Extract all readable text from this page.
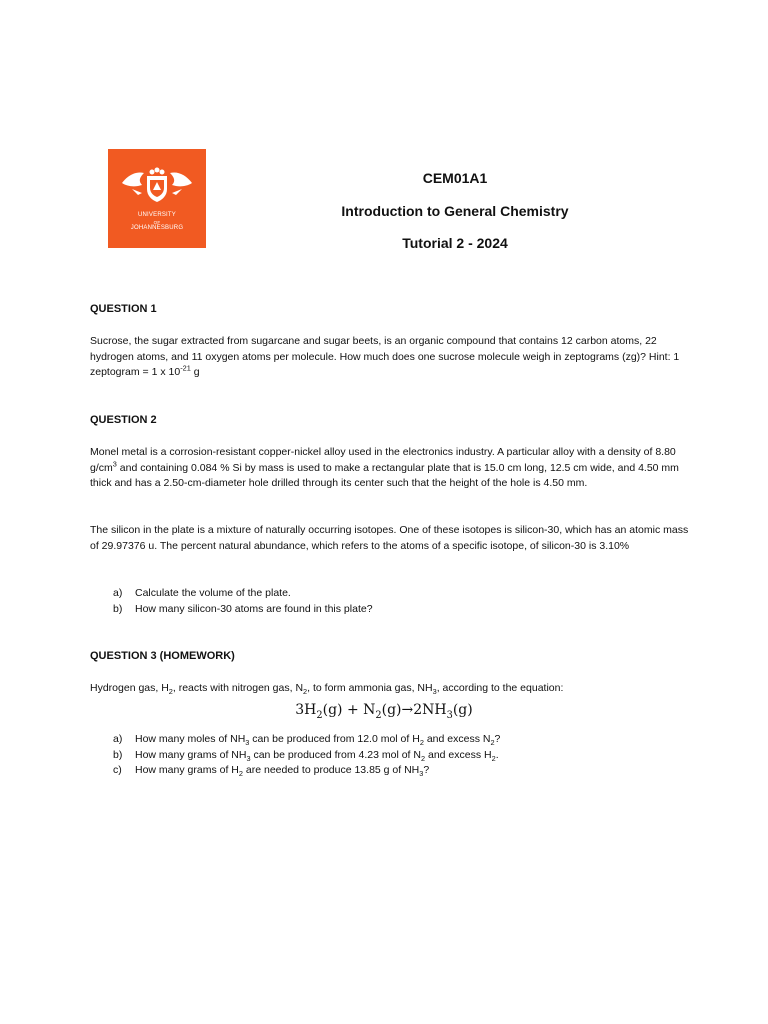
UNIVERSITY
OF
JOHANNESBURG
CEM01A1
Introduction to General Chemistry
Tutorial 2 - 2024
QUESTION 1
Sucrose, the sugar extracted from sugarcane and sugar beets, is an organic compound that contains 12 carbon atoms, 22 hydrogen atoms, and 11 oxygen atoms per molecule. How much does one sucrose molecule weigh in zeptograms (zg)? Hint: 1 zeptogram = 1 x $10^{-21}$ g
QUESTION 2
Monel metal is a corrosion-resistant copper-nickel alloy used in the electronics industry. A particular alloy with a density of 8.80 $g/cm^3$ and containing 0.084 % Si by mass is used to make a rectangular plate that is 15.0 cm long, 12.5 cm wide, and 4.50 mm thick and has a 2.50-cm-diameter hole drilled through its center such that the height of the hole is 4.50 mm.
The silicon in the plate is a mixture of naturally occurring isotopes. One of these isotopes is silicon-30, which has an atomic mass of 29.97376 u. The percent natural abundance, which refers to the atoms of a specific isotope, of silicon-30 is 3.10%
a) Calculate the volume of the plate.
b) How many silicon-30 atoms are found in this plate?
QUESTION 3 (HOMEWORK)
Hydrogen gas, $H_2$, reacts with nitrogen gas, $N_2$, to form ammonia gas, $NH_3$, according to the equation:
$3H_2(g) + N_2(g)\to 2NH_3(g)$
a) How many moles of $NH_3$ can be produced from 12.0 mol of $H_2$ and excess $N_2$?
b) How many grams of $NH_3$ can be produced from 4.23 mol of $N_2$ and excess $H_2$.
c) How many grams of $H_2$ are needed to produce 13.85 g of $NH_3$?
